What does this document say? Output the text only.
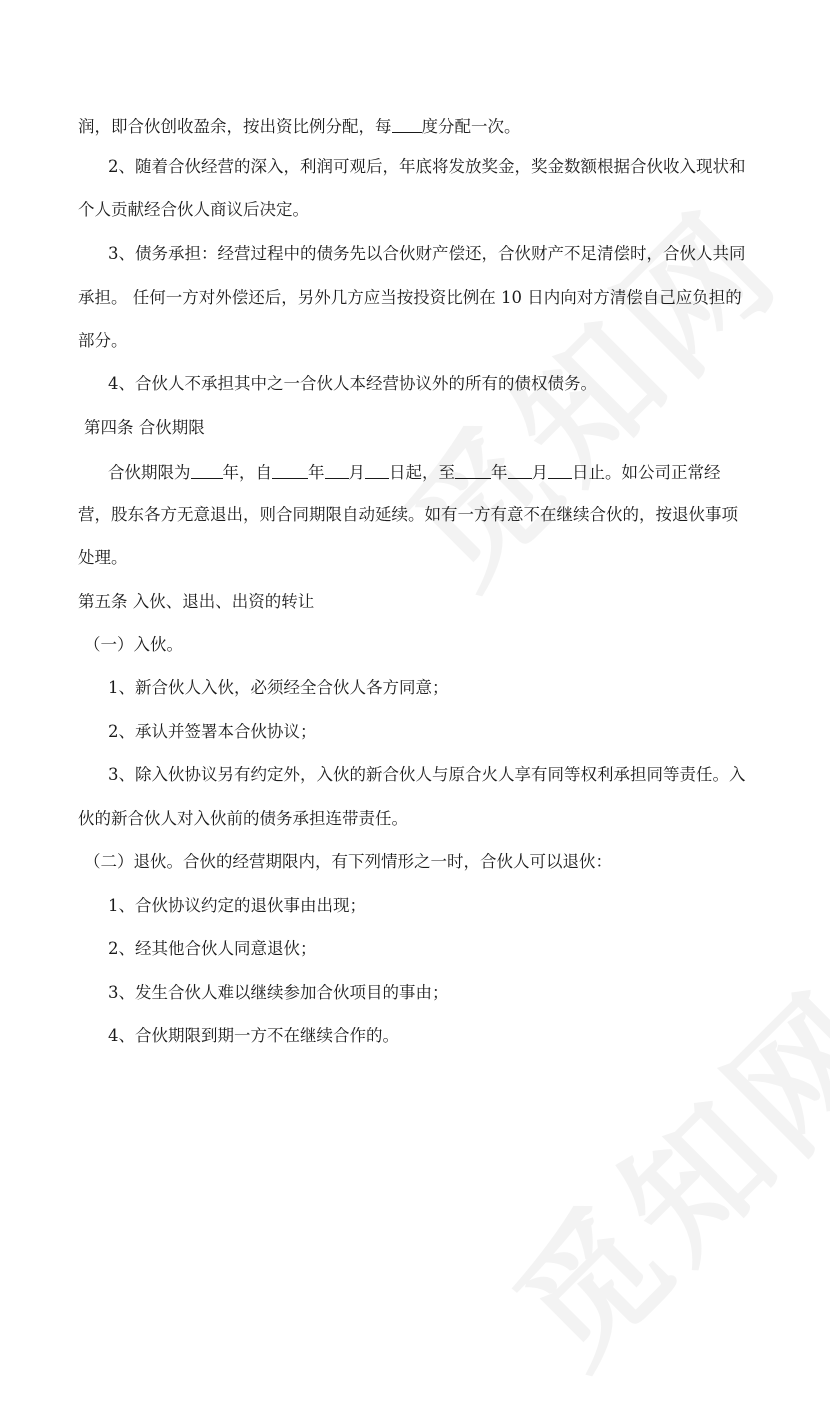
润，即合伙创收盈余，按出资比例分配，每 度分配一次。
2、随着合伙经营的深入，利润可观后，年底将发放奖金，奖金数额根据合伙收入现状和
个人贡献经合伙人商议后决定。
3、债务承担：经营过程中的债务先以合伙财产偿还，合伙财产不足清偿时，合伙人共同
承担。 任何一方对外偿还后，另外几方应当按投资比例在 10 日内向对方清偿自己应负担的
部分。
4、合伙人不承担其中之一合伙人本经营协议外的所有的债权债务。
第四条 合伙期限
合伙期限为 年，自 年 月 日起，至 年 月 日止。如公司正常经
营，股东各方无意退出，则合同期限自动延续。如有一方有意不在继续合伙的，按退伙事项
处理。
第五条 入伙、退出、出资的转让
（一）入伙。
1、新合伙人入伙，必须经全合伙人各方同意；
2、承认并签署本合伙协议；
3、除入伙协议另有约定外，入伙的新合伙人与原合火人享有同等权利承担同等责任。入
伙的新合伙人对入伙前的债务承担连带责任。
（二）退伙。合伙的经营期限内，有下列情形之一时，合伙人可以退伙：
1、合伙协议约定的退伙事由出现；
2、经其他合伙人同意退伙；
3、发生合伙人难以继续参加合伙项目的事由；
4、合伙期限到期一方不在继续合作的。
